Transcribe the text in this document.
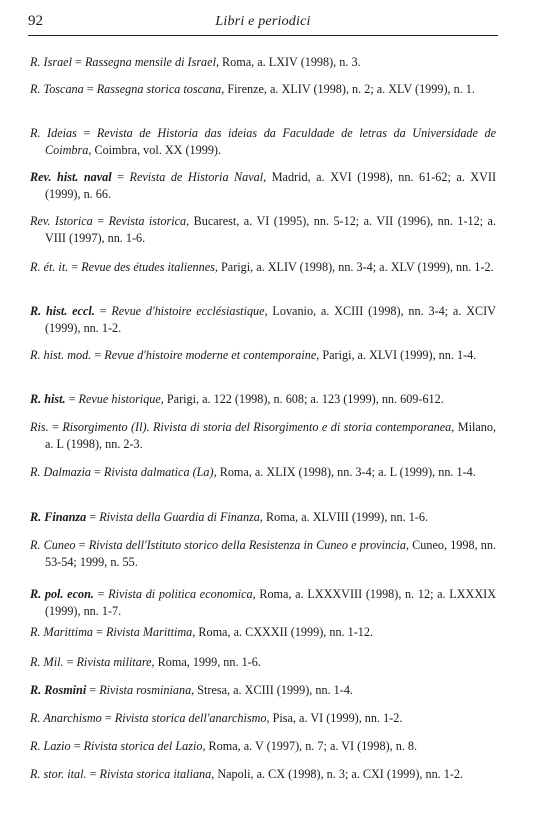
92	Libri e periodici
R. Israel = Rassegna mensile di Israel, Roma, a. LXIV (1998), n. 3.
R. Toscana = Rassegna storica toscana, Firenze, a. XLIV (1998), n. 2; a. XLV (1999), n. 1.
R. Ideias = Revista de Historia das ideias da Faculdade de letras da Universidade de Coimbra, Coimbra, vol. XX (1999).
Rev. hist. naval = Revista de Historia Naval, Madrid, a. XVI (1998), nn. 61-62; a. XVII (1999), n. 66.
Rev. Istorica = Revista istorica, Bucarest, a. VI (1995), nn. 5-12; a. VII (1996), nn. 1-12; a. VIII (1997), nn. 1-6.
R. ét. it. = Revue des études italiennes, Parigi, a. XLIV (1998), nn. 3-4; a. XLV (1999), nn. 1-2.
R. hist. eccl. = Revue d'histoire ecclésiastique, Lovanio, a. XCIII (1998), nn. 3-4; a. XCIV (1999), nn. 1-2.
R. hist. mod. = Revue d'histoire moderne et contemporaine, Parigi, a. XLVI (1999), nn. 1-4.
R. hist. = Revue historique, Parigi, a. 122 (1998), n. 608; a. 123 (1999), nn. 609-612.
Ris. = Risorgimento (Il). Rivista di storia del Risorgimento e di storia contemporanea, Milano, a. L (1998), nn. 2-3.
R. Dalmazia = Rivista dalmatica (La), Roma, a. XLIX (1998), nn. 3-4; a. L (1999), nn. 1-4.
R. Finanza = Rivista della Guardia di Finanza, Roma, a. XLVIII (1999), nn. 1-6.
R. Cuneo = Rivista dell'Istituto storico della Resistenza in Cuneo e provincia, Cuneo, 1998, nn. 53-54; 1999, n. 55.
R. pol. econ. = Rivista di politica economica, Roma, a. LXXXVIII (1998), n. 12; a. LXXXIX (1999), nn. 1-7.
R. Marittima = Rivista Marittima, Roma, a. CXXXII (1999), nn. 1-12.
R. Mil. = Rivista militare, Roma, 1999, nn. 1-6.
R. Rosmini = Rivista rosminiana, Stresa, a. XCIII (1999), nn. 1-4.
R. Anarchismo = Rivista storica dell'anarchismo, Pisa, a. VI (1999), nn. 1-2.
R. Lazio = Rivista storica del Lazio, Roma, a. V (1997), n. 7; a. VI (1998), n. 8.
R. stor. ital. = Rivista storica italiana, Napoli, a. CX (1998), n. 3; a. CXI (1999), nn. 1-2.
